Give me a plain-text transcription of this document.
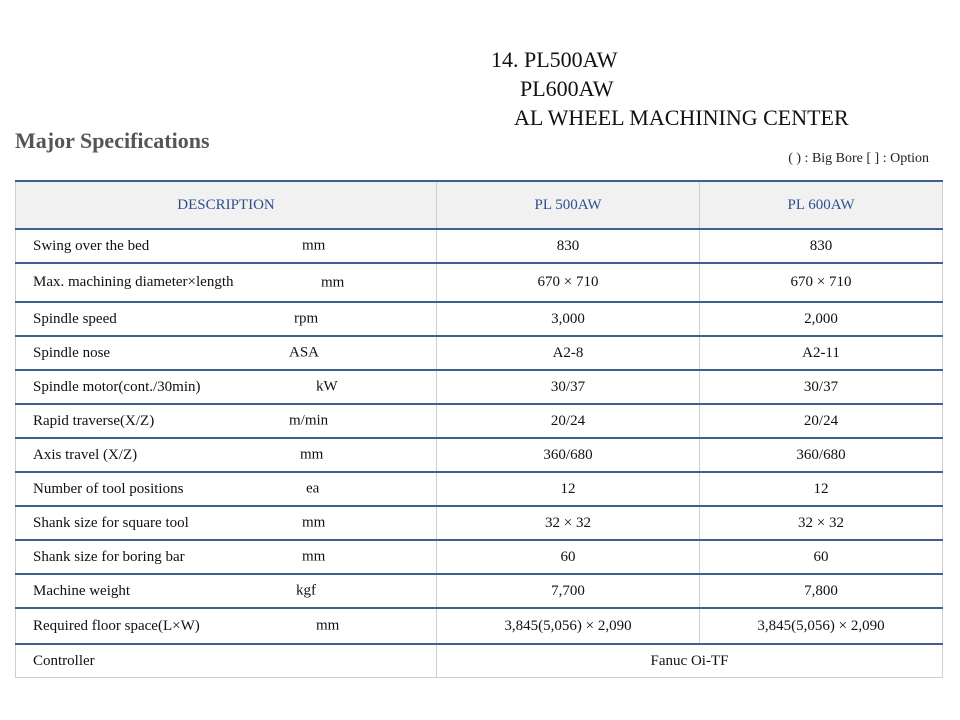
14. PL500AW
PL600AW
AL WHEEL MACHINING CENTER
Major Specifications
( ) : Big Bore [ ] : Option
DESCRIPTION	PL 500AW	PL 600AW
Swing over the bed mm	830	830
Max. machining diameter×length mm	670 × 710	670 × 710
Spindle speed rpm	3,000	2,000
Spindle nose ASA	A2-8	A2-11
Spindle motor(cont./30min) kW	30/37	30/37
Rapid traverse(X/Z) m/min	20/24	20/24
Axis travel (X/Z) mm	360/680	360/680
Number of tool positions ea	12	12
Shank size for square tool mm	32 × 32	32 × 32
Shank size for boring bar mm	60	60
Machine weight kgf	7,700	7,800
Required floor space(L×W) mm	3,845(5,056) × 2,090	3,845(5,056) × 2,090
Controller	Fanuc Oi-TF	
